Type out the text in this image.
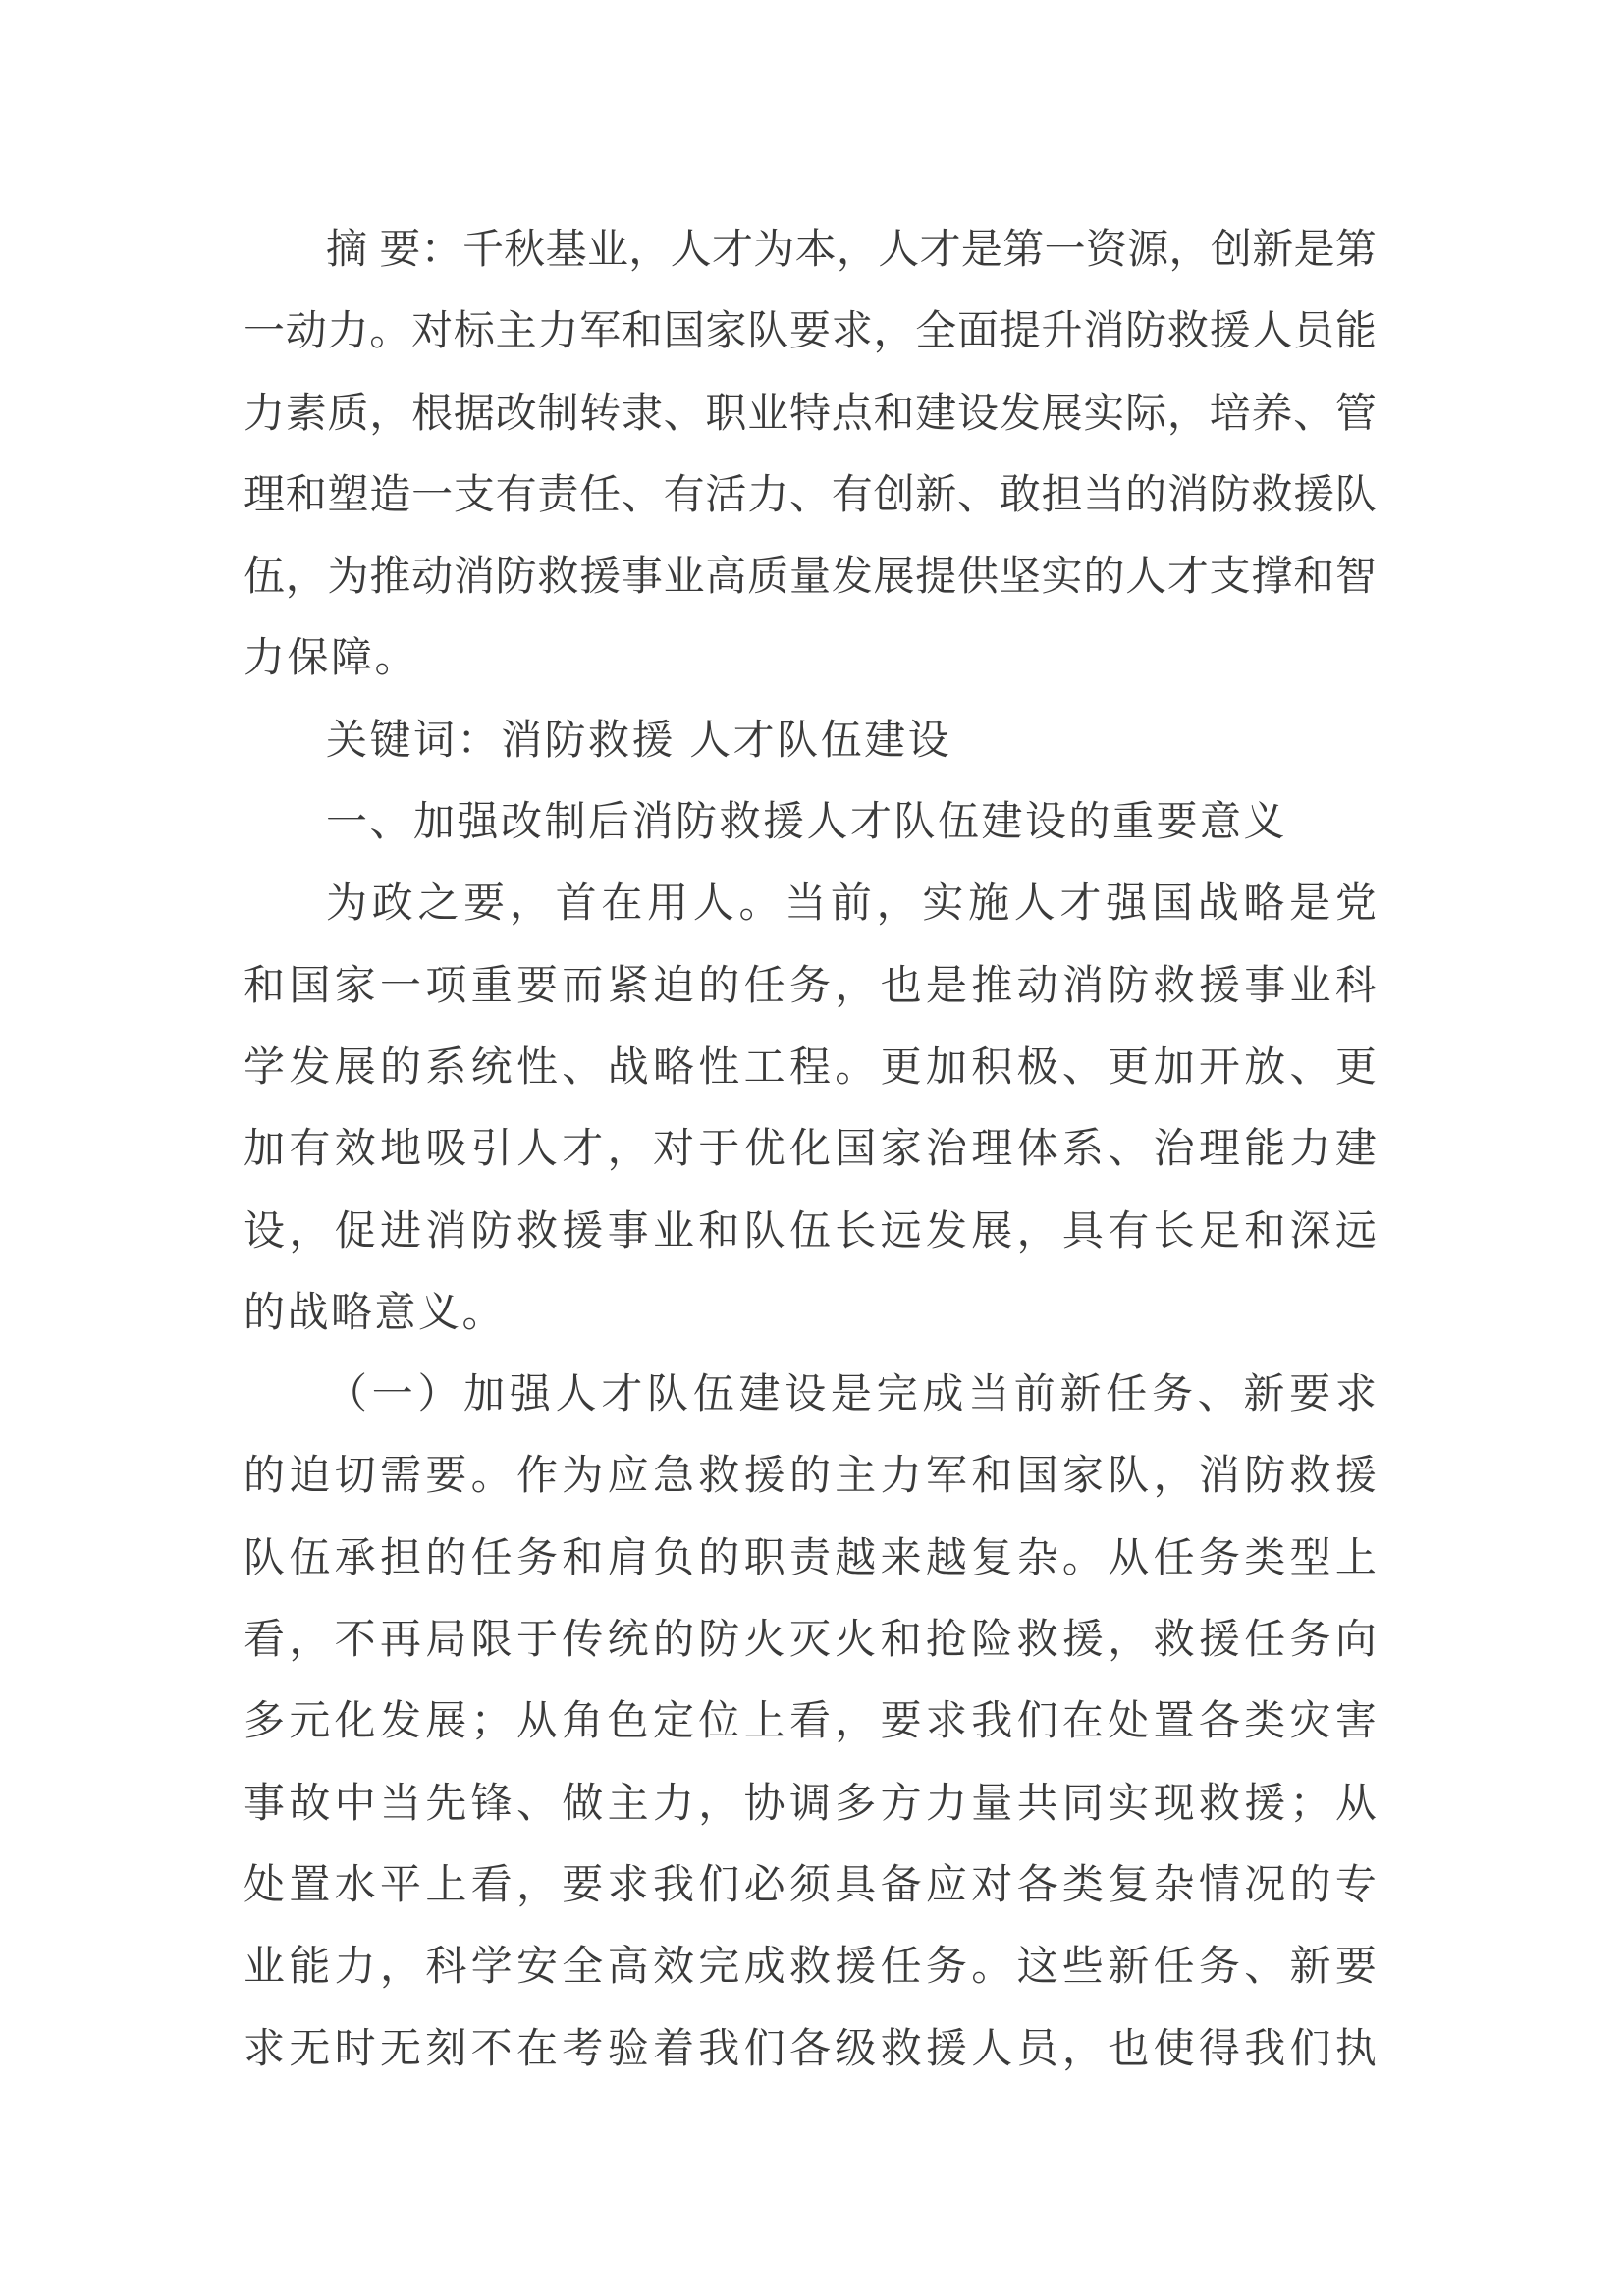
摘
要 ： 千 秋 基 业 ， 人 才 为 本 ， 人 才 是 第 一 资 源 ， 创 新 是 第
一 动 力 。 对 标 主 力 军 和 国 家 队 要 求 ， 全 面 提 升 消 防 救 援 人 员 能
力 素 质 ， 根 据 改 制 转 隶 、 职 业 特 点 和 建 设 发 展 实 际 ， 培 养 、 管
理 和 塑 造 一 支 有 责 任 、 有 活 力 、 有 创 新 、 敢 担 当 的 消 防 救 援 队
伍 ， 为 推 动 消 防 救 援 事 业 高 质 量 发 展 提 供 坚 实 的 人 才 支 撑 和 智
力保障。
关键词：消防救援 人才队伍建设
一、加强改制后消防救援人才队伍建设的重要意义
为 政 之 要 ， 首 在 用 人 。 当 前 ， 实 施 人 才 强 国 战 略 是 党
和 国 家 一 项 重 要 而 紧 迫 的 任 务 ， 也 是 推 动 消 防 救 援 事 业 科
学 发 展 的 系 统 性 、 战 略 性 工 程 。 更 加 积 极 、 更 加 开 放 、 更
加 有 效 地 吸 引 人 才 ， 对 于 优 化 国 家 治 理 体 系 、 治 理 能 力 建
设 ， 促 进 消 防 救 援 事 业 和 队 伍 长 远 发 展 ， 具 有 长 足 和 深 远
的战略意义。
（ 一 ） 加 强 人 才 队 伍 建 设 是 完 成 当 前 新 任 务 、 新 要 求
的 迫 切 需 要 。 作 为 应 急 救 援 的 主 力 军 和 国 家 队 ， 消 防 救 援
队 伍 承 担 的 任 务 和 肩 负 的 职 责 越 来 越 复 杂 。 从 任 务 类 型 上
看 ， 不 再 局 限 于 传 统 的 防 火 灭 火 和 抢 险 救 援 ， 救 援 任 务 向
多 元 化 发 展 ； 从 角 色 定 位 上 看 ， 要 求 我 们 在 处 置 各 类 灾 害
事 故 中 当 先 锋 、 做 主 力 ， 协 调 多 方 力 量 共 同 实 现 救 援 ； 从
处 置 水 平 上 看 ， 要 求 我 们 必 须 具 备 应 对 各 类 复 杂 情 况 的 专
业 能 力 ， 科 学 安 全 高 效 完 成 救 援 任 务 。 这 些 新 任 务 、 新 要
求 无 时 无 刻 不 在 考 验 着 我 们 各 级 救 援 人 员 ， 也 使 得 我 们 执
